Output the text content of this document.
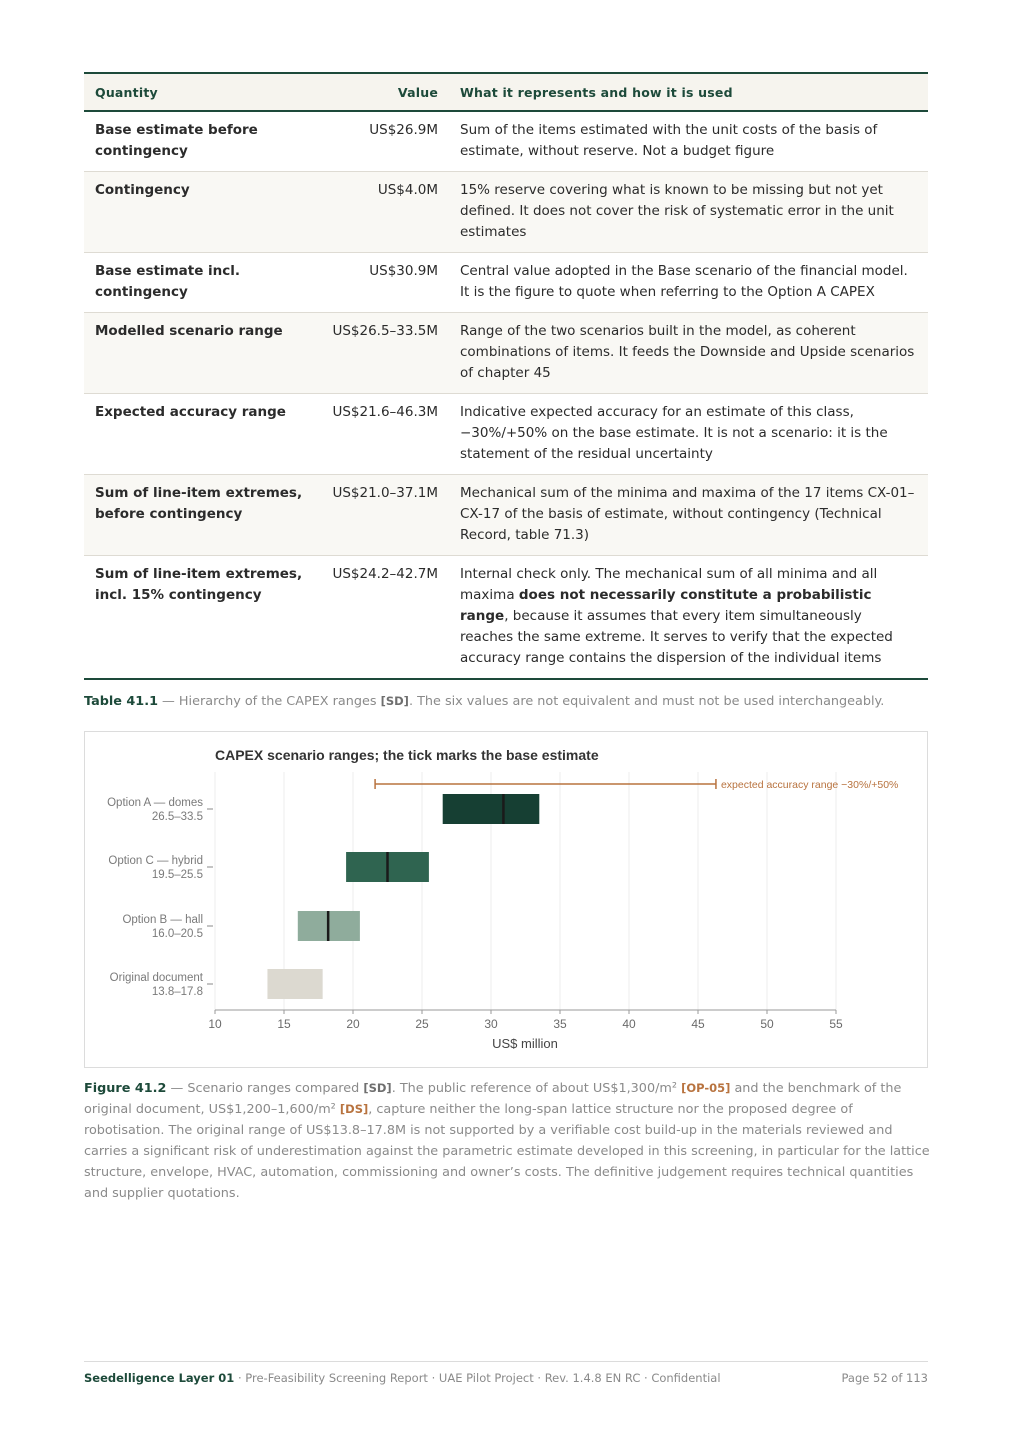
Quantity	Value	What it represents and how it is used
Base estimate before contingency	US$26.9M	Sum of the items estimated with the unit costs of the basis of estimate, without reserve. Not a budget figure
Contingency	US$4.0M	15% reserve covering what is known to be missing but not yet defined. It does not cover the risk of systematic error in the unit estimates
Base estimate incl. contingency	US$30.9M	Central value adopted in the Base scenario of the financial model. It is the figure to quote when referring to the Option A CAPEX
Modelled scenario range	US$26.5–33.5M	Range of the two scenarios built in the model, as coherent combinations of items. It feeds the Downside and Upside scenarios of chapter 45
Expected accuracy range	US$21.6–46.3M	Indicative expected accuracy for an estimate of this class, −30%/+50% on the base estimate. It is not a scenario: it is the statement of the residual uncertainty
Sum of line-item extremes, before contingency	US$21.0–37.1M	Mechanical sum of the minima and maxima of the 17 items CX-01–CX-17 of the basis of estimate, without contingency (Technical Record, table 71.3)
Sum of line-item extremes, incl. 15% contingency	US$24.2–42.7M	Internal check only. The mechanical sum of all minima and all maxima does not necessarily constitute a probabilistic range, because it assumes that every item simultaneously reaches the same extreme. It serves to verify that the expected accuracy range contains the dispersion of the individual items
Table 41.1 — Hierarchy of the CAPEX ranges [SD]. The six values are not equivalent and must not be used interchangeably.
CAPEX scenario ranges; the tick marks the base estimate
expected accuracy range −30%/+50%
Option A — domes
26.5–33.5
Option C — hybrid
19.5–25.5
Option B — hall
16.0–20.5
Original document
13.8–17.8
10	15	20	25	30	35	40	45	50	55
US$ million
Figure 41.2 — Scenario ranges compared [SD]. The public reference of about US$1,300/m² [OP-05] and the benchmark of the original document, US$1,200–1,600/m² [DS], capture neither the long-span lattice structure nor the proposed degree of robotisation. The original range of US$13.8–17.8M is not supported by a verifiable cost build-up in the materials reviewed and carries a significant risk of underestimation against the parametric estimate developed in this screening, in particular for the lattice structure, envelope, HVAC, automation, commissioning and owner’s costs. The definitive judgement requires technical quantities and supplier quotations.
Seedelligence Layer 01 · Pre-Feasibility Screening Report · UAE Pilot Project · Rev. 1.4.8 EN RC · Confidential	Page 52 of 113
